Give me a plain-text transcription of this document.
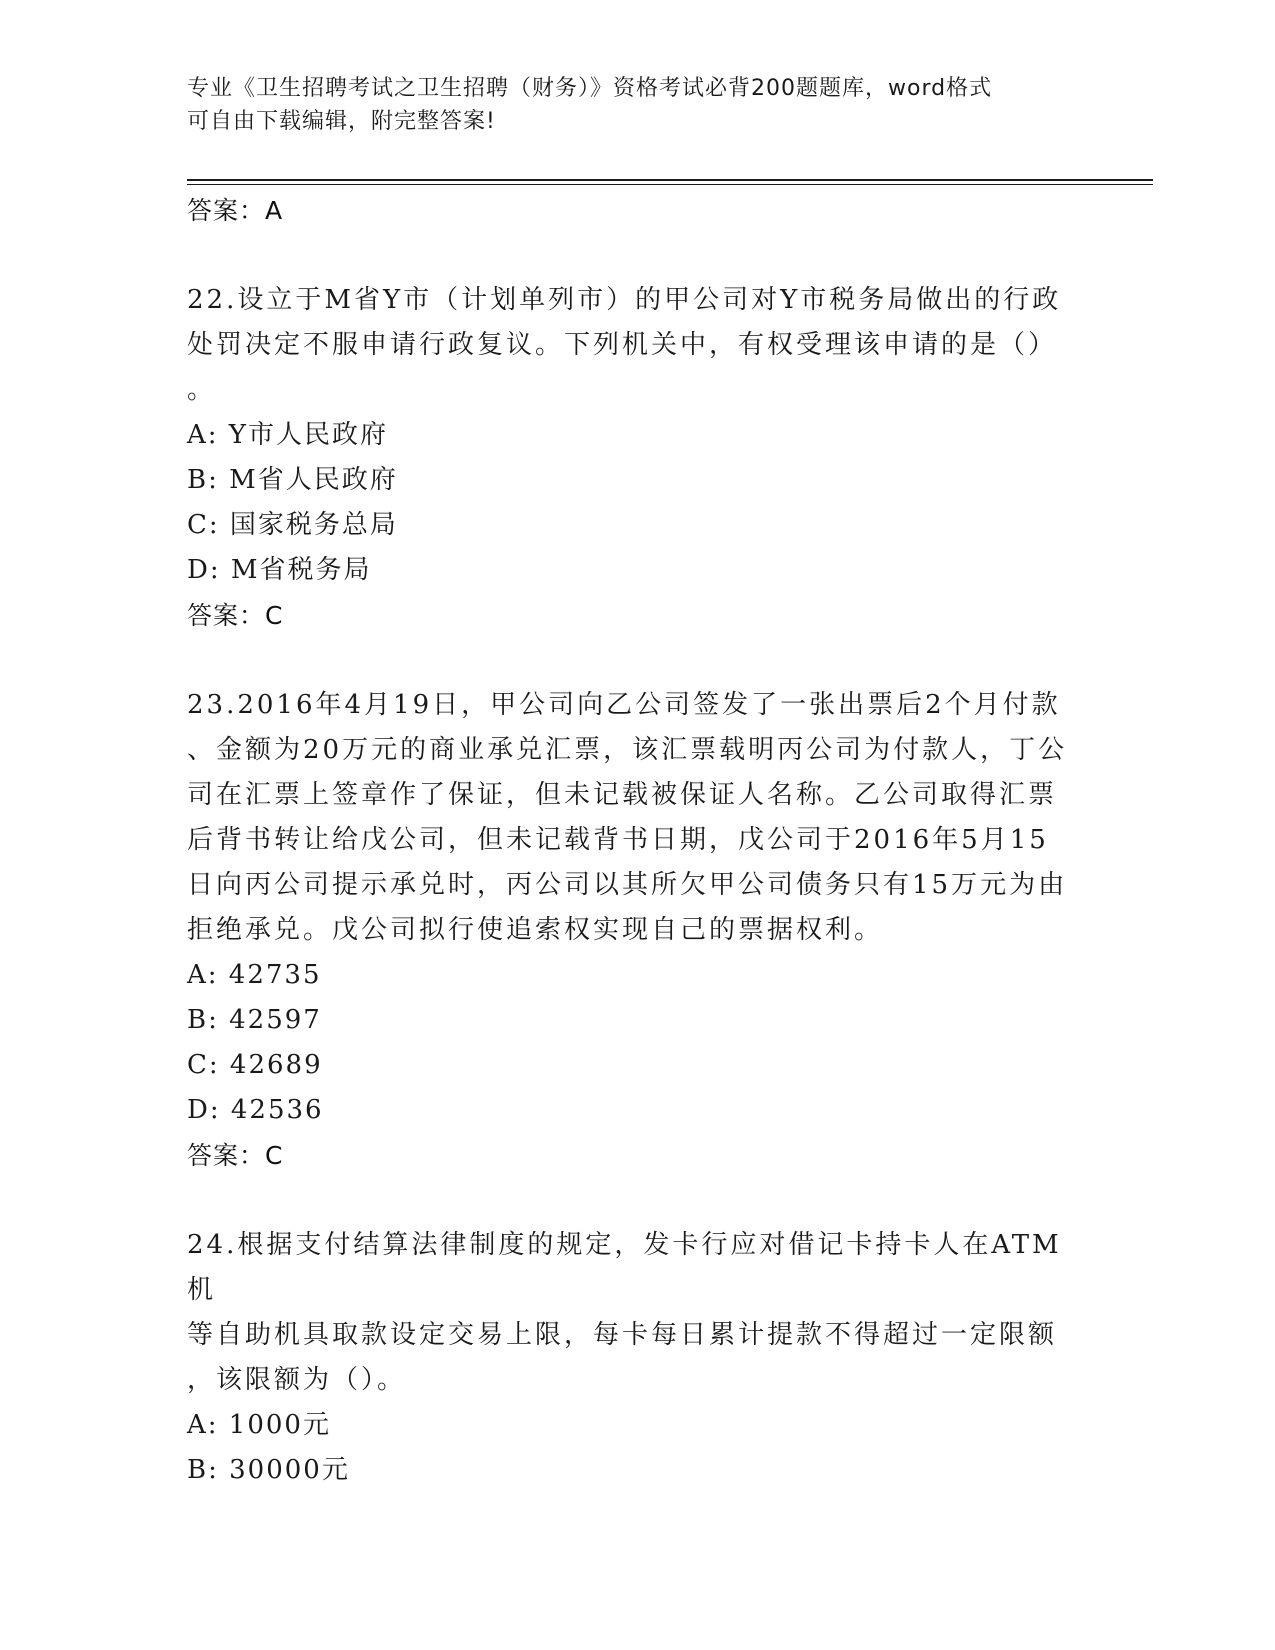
专业《卫生招聘考试之卫生招聘（财务）》资格考试必背200题题库，word格式
可自由下载编辑，附完整答案!
答案：A
22.设立于M省Y市（计划单列市）的甲公司对Y市税务局做出的行政
处罚决定不服申请行政复议。下列机关中，有权受理该申请的是（）
。
A: Y市人民政府
B: M省人民政府
C: 国家税务总局
D: M省税务局
答案：C
23.2016年4月19日，甲公司向乙公司签发了一张出票后2个月付款
、金额为20万元的商业承兑汇票，该汇票载明丙公司为付款人，丁公
司在汇票上签章作了保证，但未记载被保证人名称。乙公司取得汇票
后背书转让给戊公司，但未记载背书日期，戊公司于2016年5月15
日向丙公司提示承兑时，丙公司以其所欠甲公司债务只有15万元为由
拒绝承兑。戊公司拟行使追索权实现自己的票据权利。
A: 42735
B: 42597
C: 42689
D: 42536
答案：C
24.根据支付结算法律制度的规定，发卡行应对借记卡持卡人在ATM机
等自助机具取款设定交易上限，每卡每日累计提款不得超过一定限额
，该限额为（）。
A: 1000元
B: 30000元
